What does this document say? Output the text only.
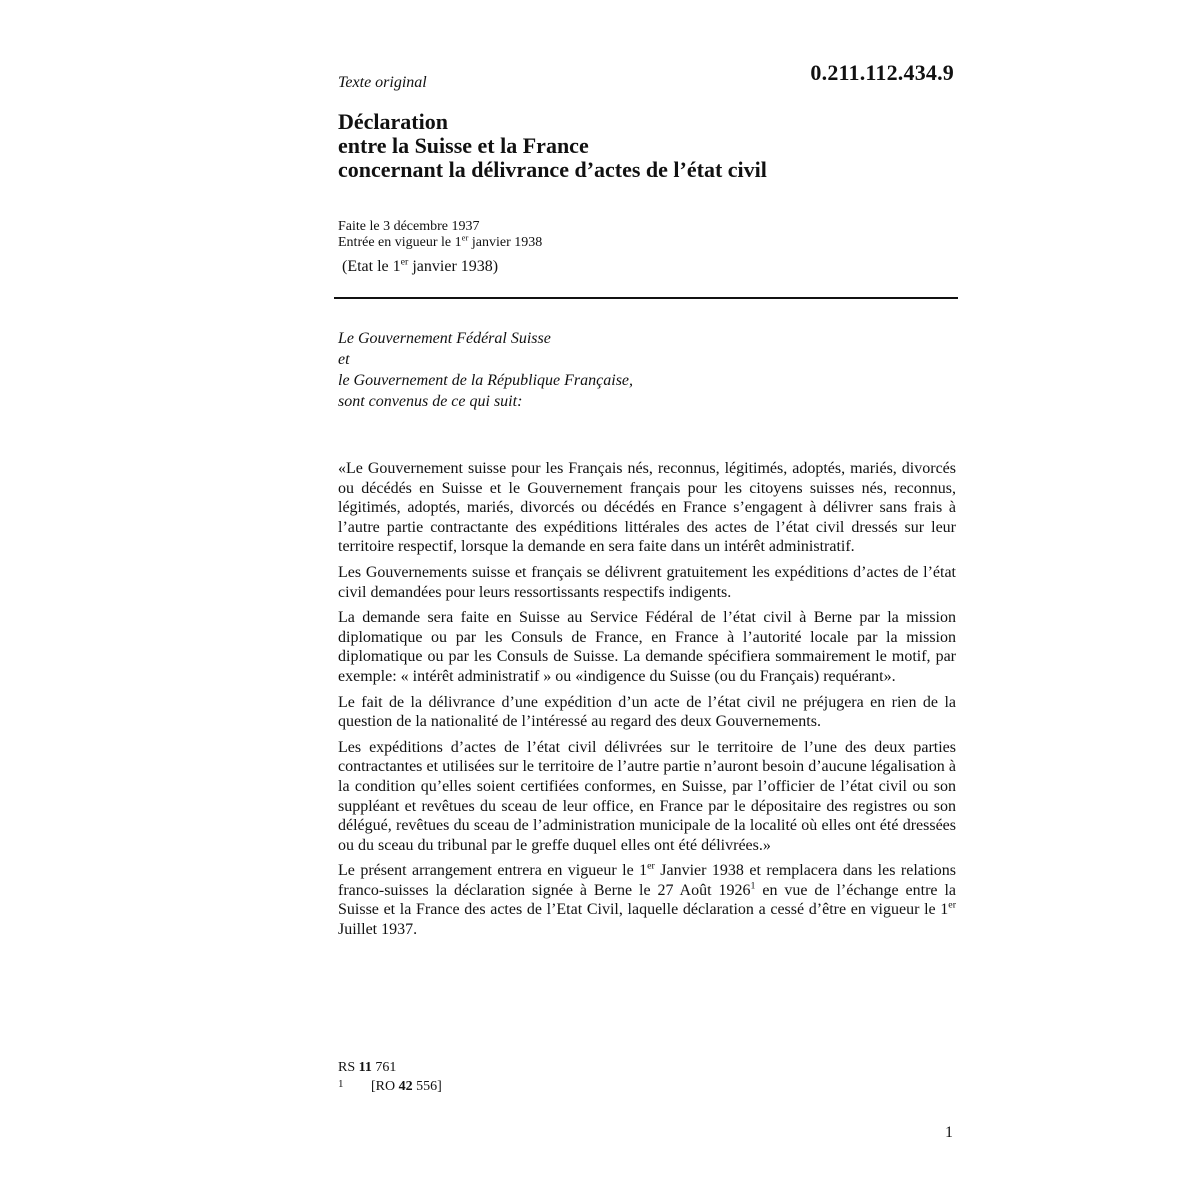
0.211.112.434.9
Texte original
Déclaration
entre la Suisse et la France
concernant la délivrance d’actes de l’état civil
Faite le 3 décembre 1937
Entrée en vigueur le 1er janvier 1938
(Etat le 1er janvier 1938)
Le Gouvernement Fédéral Suisse
et
le Gouvernement de la République Française,
sont convenus de ce qui suit:

«Le Gouvernement suisse pour les Français nés, reconnus, légitimés, adoptés, mariés, divorcés ou décédés en Suisse et le Gouvernement français pour les citoyens suisses nés, reconnus, légitimés, adoptés, mariés, divorcés ou décédés en France s’engagent à délivrer sans frais à l’autre partie contractante des expéditions littérales des actes de l’état civil dressés sur leur territoire respectif, lorsque la demande en sera faite dans un intérêt administratif.

Les Gouvernements suisse et français se délivrent gratuitement les expéditions d’actes de l’état civil demandées pour leurs ressortissants respectifs indigents.

La demande sera faite en Suisse au Service Fédéral de l’état civil à Berne par la mission diplomatique ou par les Consuls de France, en France à l’autorité locale par la mission diplomatique ou par les Consuls de Suisse. La demande spécifiera sommairement le motif, par exemple: « intérêt administratif » ou «indigence du Suisse (ou du Français) requérant».

Le fait de la délivrance d’une expédition d’un acte de l’état civil ne préjugera en rien de la question de la nationalité de l’intéressé au regard des deux Gouvernements.

Les expéditions d’actes de l’état civil délivrées sur le territoire de l’une des deux parties contractantes et utilisées sur le territoire de l’autre partie n’auront besoin d’aucune légalisation à la condition qu’elles soient certifiées conformes, en Suisse, par l’officier de l’état civil ou son suppléant et revêtues du sceau de leur office, en France par le dépositaire des registres ou son délégué, revêtues du sceau de l’administration municipale de la localité où elles ont été dressées ou du sceau du tribunal par le greffe duquel elles ont été délivrées.»

Le présent arrangement entrera en vigueur le 1er Janvier 1938 et remplacera dans les relations franco-suisses la déclaration signée à Berne le 27 Août 1926$^1$ en vue de l’échange entre la Suisse et la France des actes de l’Etat Civil, laquelle déclaration a cessé d’être en vigueur le 1er Juillet 1937.

RS 11 761
1	[RO 42 556]
1
